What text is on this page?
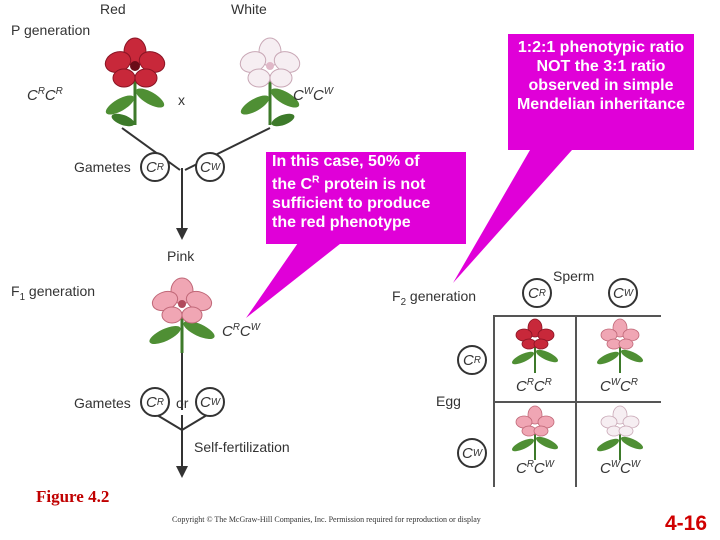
Red	White
P generation
$C^RC^R$
x	$C^WC^W$
Gametes	C R	C W
Pink
$F_1$ generation
$C^RC^W$
Gametes	C R or C W
Self-fertilization
1:2:1 phenotypic ratio NOT the 3:1 ratio observed in simple Mendelian inheritance
In this case, 50% of
the $C^R$ protein is not
sufficient to produce
the red phenotype
Sperm
$F_2$ generation	C R	C W
C R
Egg
C W
$C^RC^R$	$C^WC^R$
$C^RC^W$	$C^WC^W$
Figure 4.2
Copyright © The McGraw-Hill Companies, Inc. Permission required for reproduction or display	4-16
